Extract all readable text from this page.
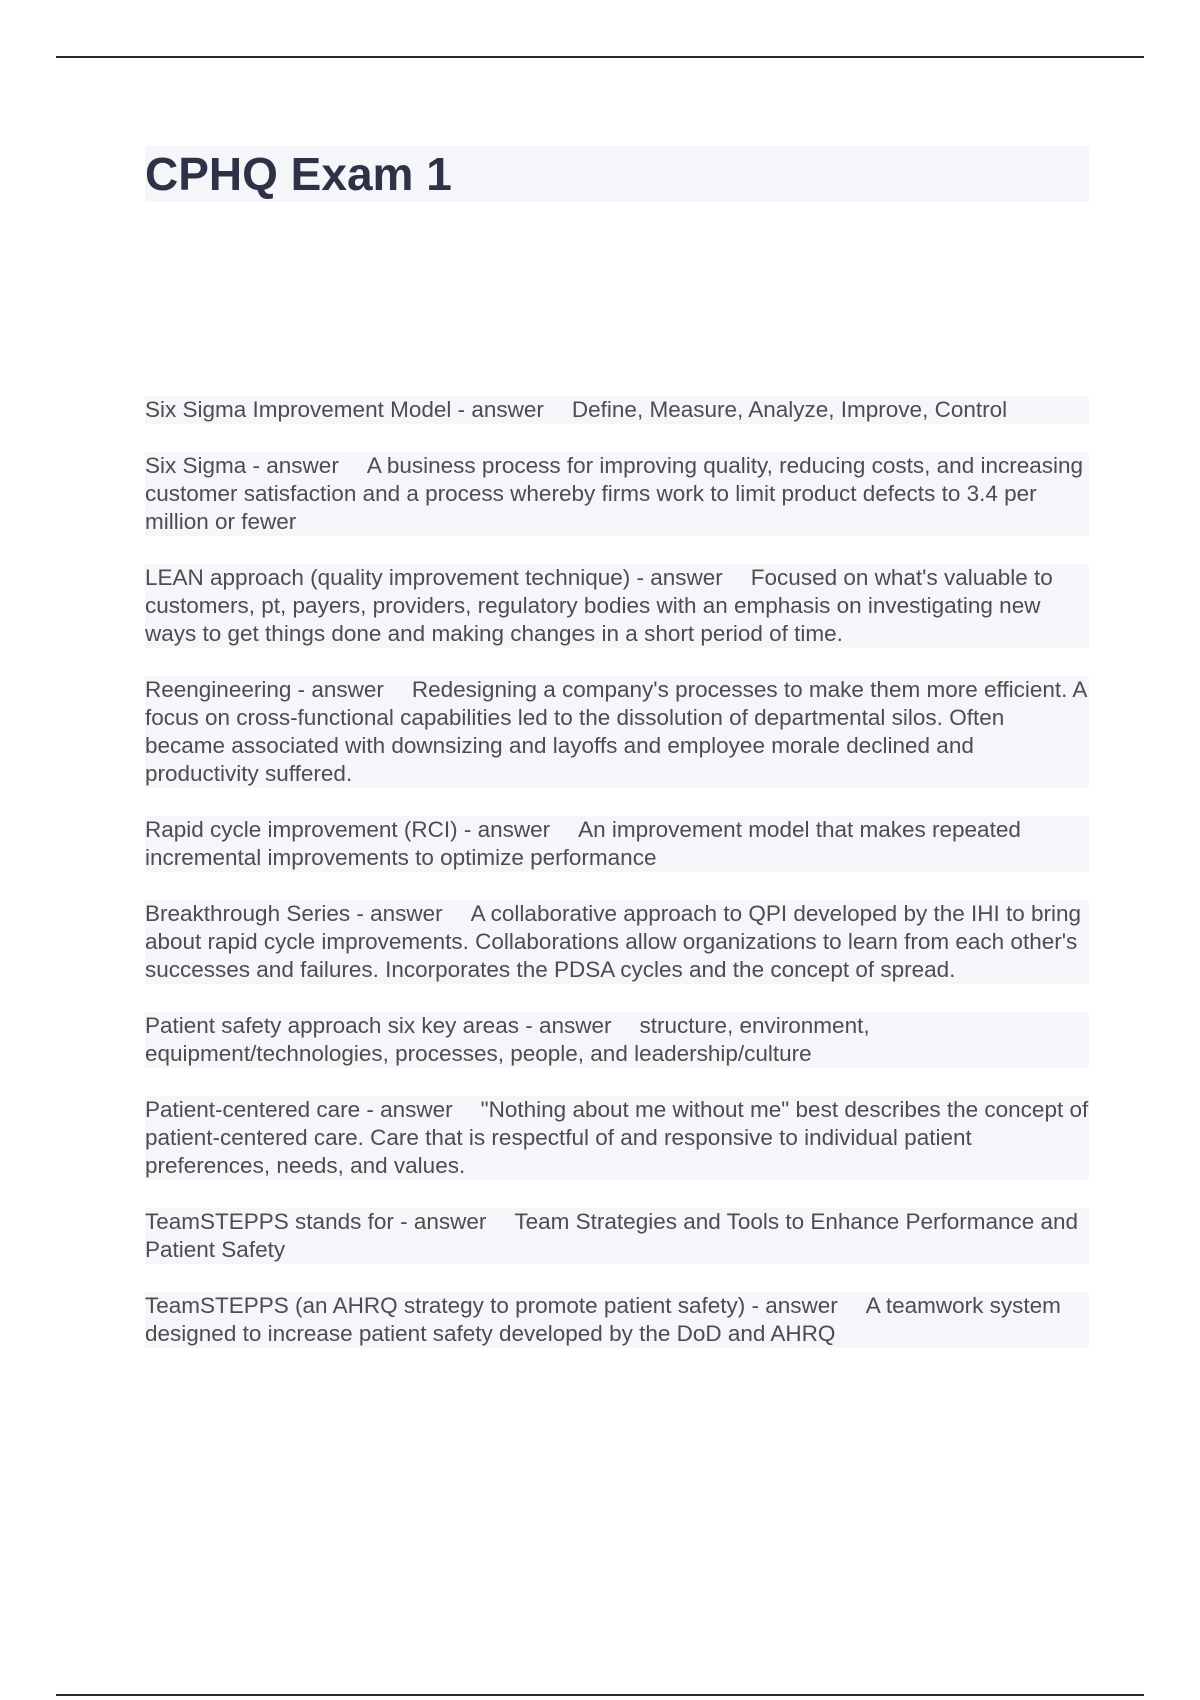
CPHQ Exam 1

Six Sigma Improvement Model - answer Define, Measure, Analyze, Improve, Control

Six Sigma - answer A business process for improving quality, reducing costs, and increasing customer satisfaction and a process whereby firms work to limit product defects to 3.4 per million or fewer

LEAN approach (quality improvement technique) - answer Focused on what's valuable to customers, pt, payers, providers, regulatory bodies with an emphasis on investigating new ways to get things done and making changes in a short period of time.

Reengineering - answer Redesigning a company's processes to make them more efficient. A focus on cross-functional capabilities led to the dissolution of departmental silos. Often became associated with downsizing and layoffs and employee morale declined and productivity suffered.

Rapid cycle improvement (RCI) - answer An improvement model that makes repeated incremental improvements to optimize performance

Breakthrough Series - answer A collaborative approach to QPI developed by the IHI to bring about rapid cycle improvements. Collaborations allow organizations to learn from each other's successes and failures. Incorporates the PDSA cycles and the concept of spread.

Patient safety approach six key areas - answer structure, environment, equipment/technologies, processes, people, and leadership/culture

Patient-centered care - answer "Nothing about me without me" best describes the concept of patient-centered care. Care that is respectful of and responsive to individual patient preferences, needs, and values.

TeamSTEPPS stands for - answer Team Strategies and Tools to Enhance Performance and Patient Safety

TeamSTEPPS (an AHRQ strategy to promote patient safety) - answer A teamwork system designed to increase patient safety developed by the DoD and AHRQ
